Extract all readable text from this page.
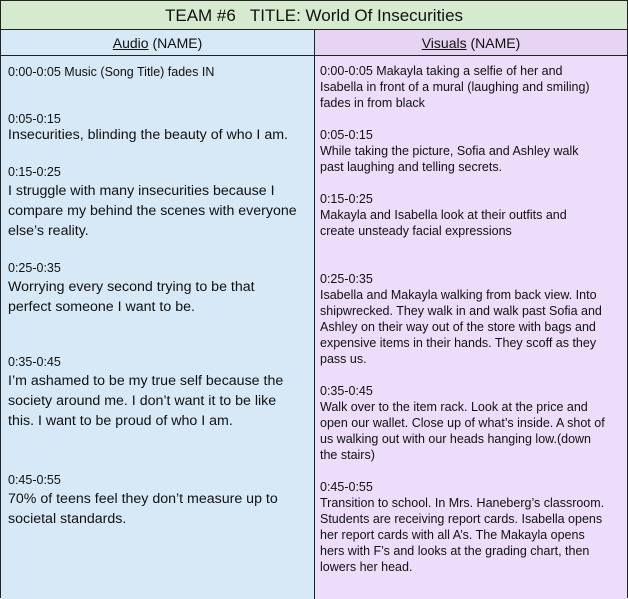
TEAM #6 TITLE: World Of Insecurities
Audio (NAME)	Visuals (NAME)
0:00-0:05 Music (Song Title) fades IN
0:05-0:15
Insecurities, blinding the beauty of who I am.
0:15-0:25
I struggle with many insecurities because I
compare my behind the scenes with everyone
else’s reality.
0:25-0:35
Worrying every second trying to be that
perfect someone I want to be.
0:35-0:45
I’m ashamed to be my true self because the
society around me. I don’t want it to be like
this. I want to be proud of who I am.
0:45-0:55
70% of teens feel they don’t measure up to
societal standards.
0:00-0:05 Makayla taking a selfie of her and
Isabella in front of a mural (laughing and smiling)
fades in from black
0:05-0:15
While taking the picture, Sofia and Ashley walk
past laughing and telling secrets.
0:15-0:25
Makayla and Isabella look at their outfits and
create unsteady facial expressions
0:25-0:35
Isabella and Makayla walking from back view. Into
shipwrecked. They walk in and walk past Sofia and
Ashley on their way out of the store with bags and
expensive items in their hands. They scoff as they
pass us.
0:35-0:45
Walk over to the item rack. Look at the price and
open our wallet. Close up of what’s inside. A shot of
us walking out with our heads hanging low.(down
the stairs)
0:45-0:55
Transition to school. In Mrs. Haneberg’s classroom.
Students are receiving report cards. Isabella opens
her report cards with all A’s. The Makayla opens
hers with F’s and looks at the grading chart, then
lowers her head.
